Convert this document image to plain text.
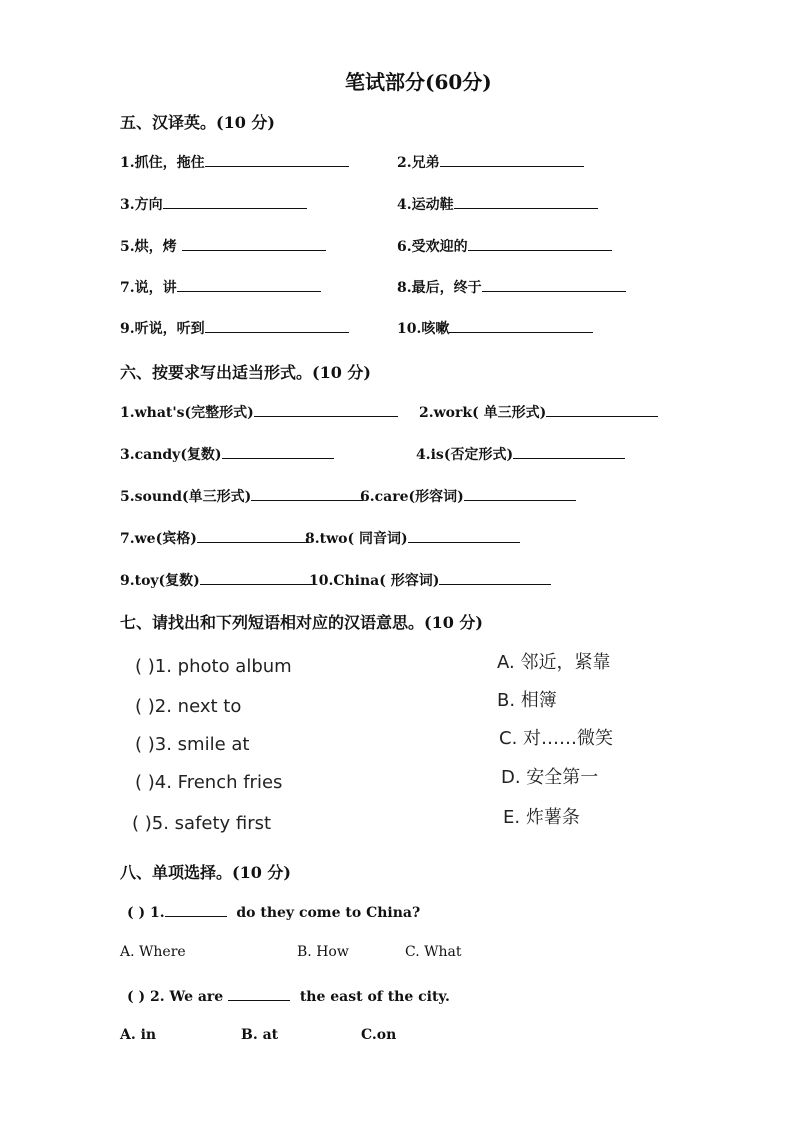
笔试部分(60分)
五、汉译英。(10 分)
1.抓住，拖住	2.兄弟
3.方向	4.运动鞋
5.烘，烤	6.受欢迎的
7.说，讲	8.最后，终于
9.听说，听到	10.咳嗽
六、按要求写出适当形式。(10 分)
1.what's(完整形式)	2.work( 单三形式)
3.candy(复数)	4.is(否定形式)
5.sound(单三形式)	6.care(形容词)
7.we(宾格)	8.two( 同音词)
9.toy(复数)	10.China( 形容词)
七、请找出和下列短语相对应的汉语意思。(10 分)
( )1. photo album
( )2. next to
( )3. smile at
( )4. French fries
( )5. safety first
A. 邻近，紧靠
B. 相簿
C. 对……微笑
D. 安全第一
E. 炸薯条
八、单项选择。(10 分)
( ) 1.	do they come to China?
A. Where	B. How	C. What
( ) 2. We are	the east of the city.
A. in	B. at	C.on
